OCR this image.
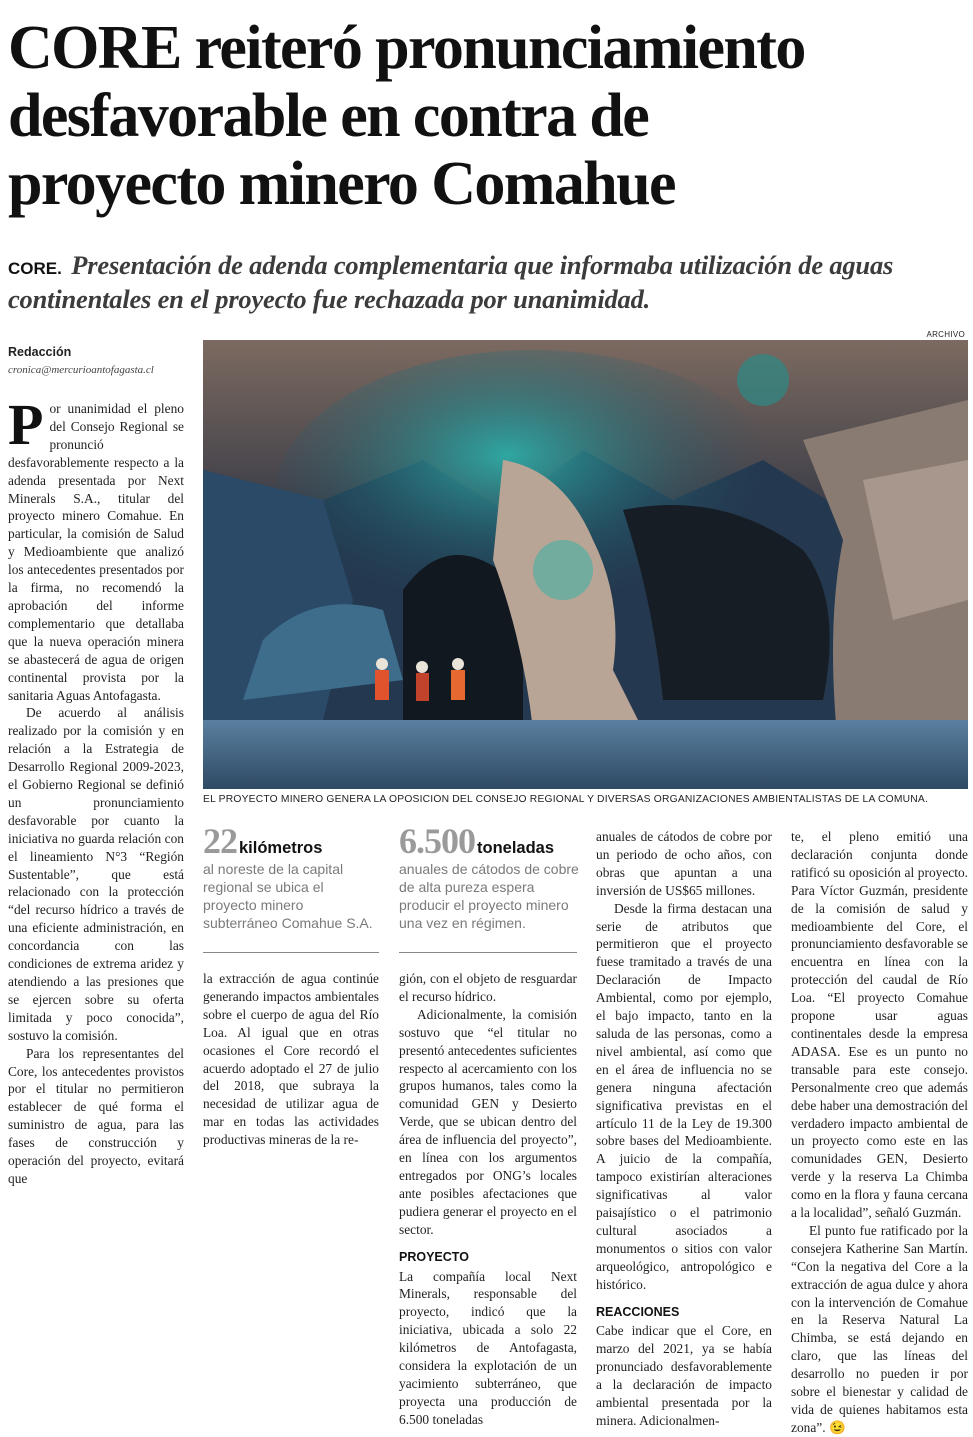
CORE reiteró pronunciamiento
desfavorable en contra de
proyecto minero Comahue
CORE. Presentación de adenda complementaria que informaba utilización de aguas continentales en el proyecto fue rechazada por unanimidad.
ARCHIVO
Redacción
cronica@mercurioantofagasta.cl
EL PROYECTO MINERO GENERA LA OPOSICIÓN DEL CONSEJO REGIONAL Y DIVERSAS ORGANIZACIONES AMBIENTALISTAS DE LA COMUNA.

Por unanimidad el pleno del Consejo Regional se pronunció desfavorablemente respecto a la adenda presentada por Next Minerals S.A., titular del proyecto minero Comahue. En particular, la comisión de Salud y Medioambiente que analizó los antecedentes presentados por la firma, no recomendó la aprobación del informe complementario que detallaba que la nueva operación minera se abastecerá de agua de origen continental provista por la sanitaria Aguas Antofagasta.

De acuerdo al análisis realizado por la comisión y en relación a la Estrategia de Desarrollo Regional 2009-2023, el Gobierno Regional se definió un pronunciamiento desfavorable por cuanto la iniciativa no guarda relación con el lineamiento N°3 “Región Sustentable”, que está relacionado con la protección “del recurso hídrico a través de una eficiente administración, en concordancia con las condiciones de extrema aridez y atendiendo a las presiones que se ejercen sobre su oferta limitada y poco conocida”, sostuvo la comisión.

Para los representantes del Core, los antecedentes provistos por el titular no permitieron establecer de qué forma el suministro de agua, para las fases de construcción y operación del proyecto, evitará que

22 kilómetros
al noreste de la capital regional se ubica el proyecto minero subterráneo Comahue S.A.
6.500 toneladas
anuales de cátodos de cobre de alta pureza espera producir el proyecto minero una vez en régimen.

la extracción de agua continúe generando impactos ambientales sobre el cuerpo de agua del Río Loa. Al igual que en otras ocasiones el Core recordó el acuerdo adoptado el 27 de julio del 2018, que subraya la necesidad de utilizar agua de mar en todas las actividades productivas mineras de la re-

gión, con el objeto de resguardar el recurso hídrico.

Adicionalmente, la comisión sostuvo que “el titular no presentó antecedentes suficientes respecto al acercamiento con los grupos humanos, tales como la comunidad GEN y Desierto Verde, que se ubican dentro del área de influencia del proyecto”, en línea con los argumentos entregados por ONG’s locales ante posibles afectaciones que pudiera generar el proyecto en el sector.

PROYECTO

La compañía local Next Minerals, responsable del proyecto, indicó que la iniciativa, ubicada a solo 22 kilómetros de Antofagasta, considera la explotación de un yacimiento subterráneo, que proyecta una producción de 6.500 toneladas

anuales de cátodos de cobre por un periodo de ocho años, con obras que apuntan a una inversión de US$65 millones.

Desde la firma destacan una serie de atributos que permitieron que el proyecto fuese tramitado a través de una Declaración de Impacto Ambiental, como por ejemplo, el bajo impacto, tanto en la saluda de las personas, como a nivel ambiental, así como que en el área de influencia no se genera ninguna afectación significativa previstas en el artículo 11 de la Ley de 19.300 sobre bases del Medioambiente. A juicio de la compañía, tampoco existirían alteraciones significativas al valor paisajístico o el patrimonio cultural asociados a monumentos o sitios con valor arqueológico, antropológico e histórico.

REACCIONES

Cabe indicar que el Core, en marzo del 2021, ya se había pronunciado desfavorablemente a la declaración de impacto ambiental presentada por la minera. Adicionalmen-

te, el pleno emitió una declaración conjunta donde ratificó su oposición al proyecto. Para Víctor Guzmán, presidente de la comisión de salud y medioambiente del Core, el pronunciamiento desfavorable se encuentra en línea con la protección del caudal de Río Loa. “El proyecto Comahue propone usar aguas continentales desde la empresa ADASA. Ese es un punto no transable para este consejo. Personalmente creo que además debe haber una demostración del verdadero impacto ambiental de un proyecto como este en las comunidades GEN, Desierto verde y la reserva La Chimba como en la flora y fauna cercana a la localidad”, señaló Guzmán.

El punto fue ratificado por la consejera Katherine San Martín. “Con la negativa del Core a la extracción de agua dulce y ahora con la intervención de Comahue en la Reserva Natural La Chimba, se está dejando en claro, que las líneas del desarrollo no pueden ir por sobre el bienestar y calidad de vida de quienes habitamos esta zona”. 😉
